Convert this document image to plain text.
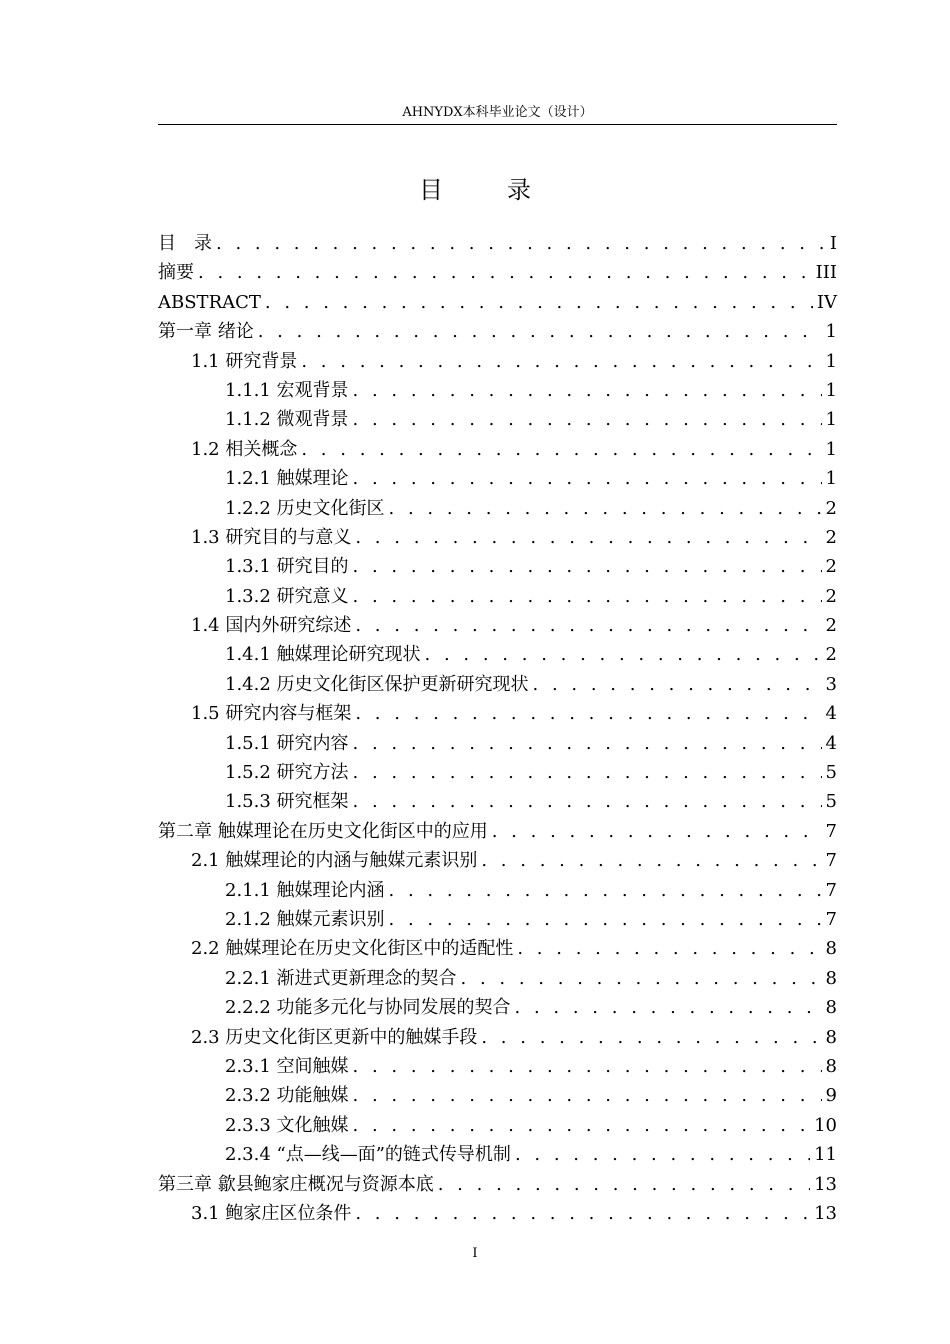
AHNYDX本科毕业论文（设计）
目　录
目　录 . . .	I
摘要 . . .	III
ABSTRACT . . .	IV
第一章 绪论 . . .	1
1.1 研究背景 . . .	1
1.1.1 宏观背景 . . .	1
1.1.2 微观背景 . . .	1
1.2 相关概念 . . .	1
1.2.1 触媒理论 . . .	1
1.2.2 历史文化街区 . . .	2
1.3 研究目的与意义 . . .	2
1.3.1 研究目的 . . .	2
1.3.2 研究意义 . . .	2
1.4 国内外研究综述 . . .	2
1.4.1 触媒理论研究现状 . . .	2
1.4.2 历史文化街区保护更新研究现状 . . .	3
1.5 研究内容与框架 . . .	4
1.5.1 研究内容 . . .	4
1.5.2 研究方法 . . .	5
1.5.3 研究框架 . . .	5
第二章 触媒理论在历史文化街区中的应用 . . .	7
2.1 触媒理论的内涵与触媒元素识别 . . .	7
2.1.1 触媒理论内涵 . . .	7
2.1.2 触媒元素识别 . . .	7
2.2 触媒理论在历史文化街区中的适配性 . . .	8
2.2.1 渐进式更新理念的契合 . . .	8
2.2.2 功能多元化与协同发展的契合 . . .	8
2.3 历史文化街区更新中的触媒手段 . . .	8
2.3.1 空间触媒 . . .	8
2.3.2 功能触媒 . . .	9
2.3.3 文化触媒 . . .	10
2.3.4 “点—线—面”的链式传导机制 . . .	11
第三章 歙县鲍家庄概况与资源本底 . . .	13
3.1 鲍家庄区位条件 . . .	13
I
